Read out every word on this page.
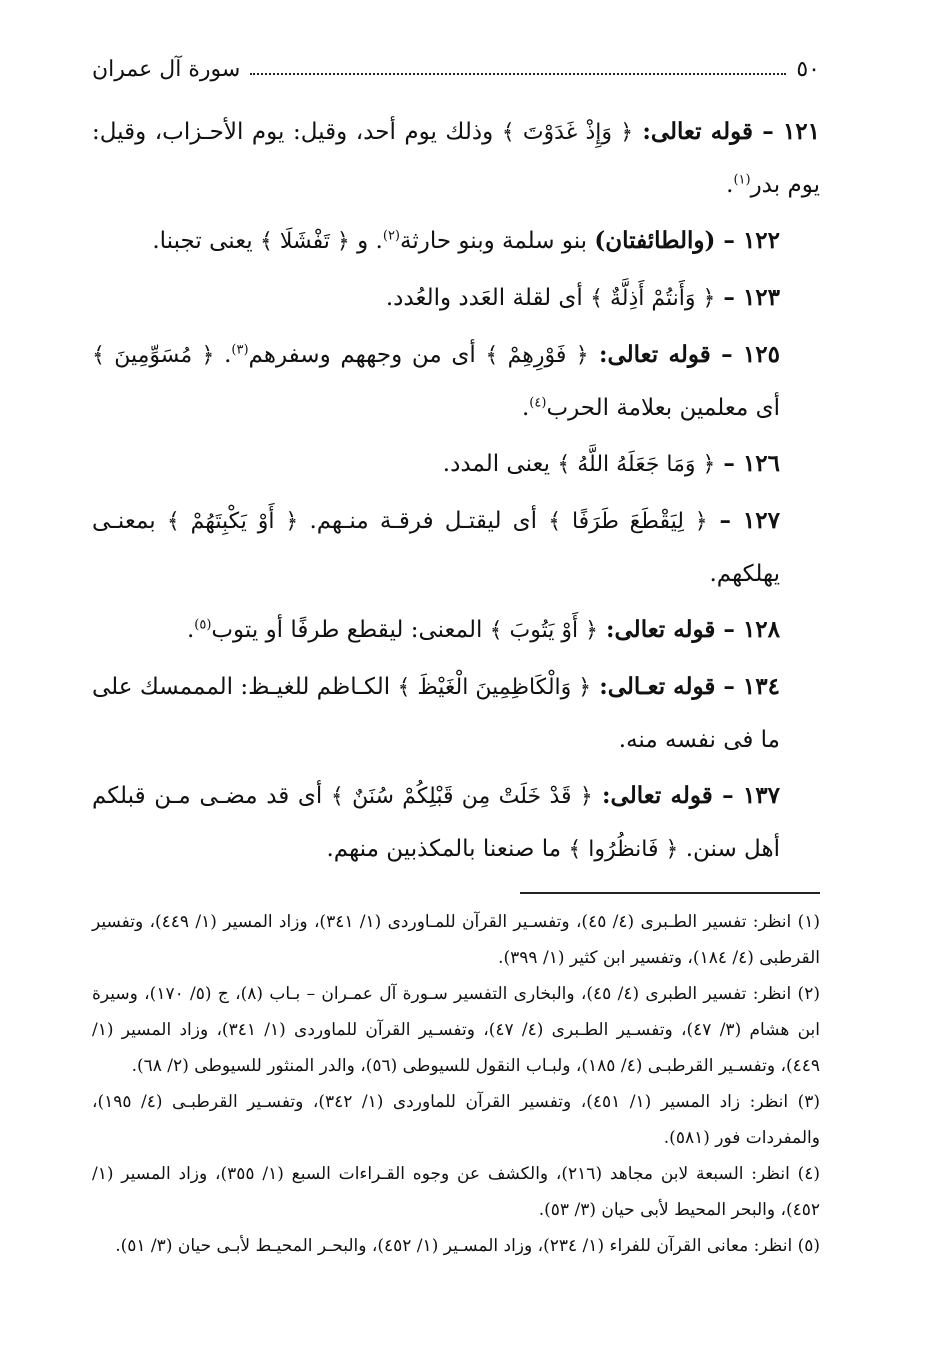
٥٠
سورة آل عمران

١٢١ – قوله تعالى: ﴿ وَإِذْ غَدَوْتَ ﴾ وذلك يوم أحد، وقيل: يوم الأحـزاب، وقيل: يوم بدر$^{(١)}$.

١٢٢ – (والطائفتان) بنو سلمة وبنو حارثة$^{(٢)}$. و ﴿ تَفْشَلَا ﴾ يعنى تجبنا.

١٢٣ – ﴿ وَأَنتُمْ أَذِلَّةٌ ﴾ أى لقلة العَدد والعُدد.

١٢٥ – قوله تعالى: ﴿ فَوْرِهِمْ ﴾ أى من وجههم وسفرهم$^{(٣)}$. ﴿ مُسَوِّمِينَ ﴾ أى معلمين بعلامة الحرب$^{(٤)}$.

١٢٦ – ﴿ وَمَا جَعَلَهُ اللَّهُ ﴾ يعنى المدد.

١٢٧ – ﴿ لِيَقْطَعَ طَرَفًا ﴾ أى ليقتـل فرقـة منـهم. ﴿ أَوْ يَكْبِتَهُمْ ﴾ بمعنـى يهلكهم.

١٢٨ – قوله تعالى: ﴿ أَوْ يَتُوبَ ﴾ المعنى: ليقطع طرفًا أو يتوب$^{(٥)}$.

١٣٤ – قوله تعـالى: ﴿ وَالْكَاظِمِينَ الْغَيْظَ ﴾ الكـاظم للغيـظ: المممسك على ما فى نفسه منه.

١٣٧ – قوله تعالى: ﴿ قَدْ خَلَتْ مِن قَبْلِكُمْ سُنَنٌ ﴾ أى قد مضـى مـن قبلكم أهل سنن. ﴿ فَانظُرُوا ﴾ ما صنعنا بالمكذبين منهم.

(١) انظر: تفسير الطـبرى (٤/ ٤٥)، وتفسـير القرآن للمـاوردى (١/ ٣٤١)، وزاد المسير (١/ ٤٤٩)، وتفسير القرطبى (٤/ ١٨٤)، وتفسير ابن كثير (١/ ٣٩٩).

(٢) انظر: تفسير الطبرى (٤/ ٤٥)، والبخارى التفسير سـورة آل عمـران – بـاب (٨)، ج (٥/ ١٧٠)، وسيرة ابن هشام (٣/ ٤٧)، وتفسـير الطـبرى (٤/ ٤٧)، وتفسـير القرآن للماوردى (١/ ٣٤١)، وزاد المسير (١/ ٤٤٩)، وتفسـير القرطبـى (٤/ ١٨٥)، ولبـاب النقول للسيوطى (٥٦)، والدر المنثور للسيوطى (٢/ ٦٨).

(٣) انظر: زاد المسير (١/ ٤٥١)، وتفسير القرآن للماوردى (١/ ٣٤٢)، وتفسـير القرطبـى (٤/ ١٩٥)، والمفردات فور (٥٨١).

(٤) انظر: السبعة لابن مجاهد (٢١٦)، والكشف عن وجوه القـراءات السبع (١/ ٣٥٥)، وزاد المسير (١/ ٤٥٢)، والبحر المحيط لأبى حيان (٣/ ٥٣).

(٥) انظر: معانى القرآن للفراء (١/ ٢٣٤)، وزاد المسـير (١/ ٤٥٢)، والبحـر المحيـط لأبـى حيان (٣/ ٥١).
